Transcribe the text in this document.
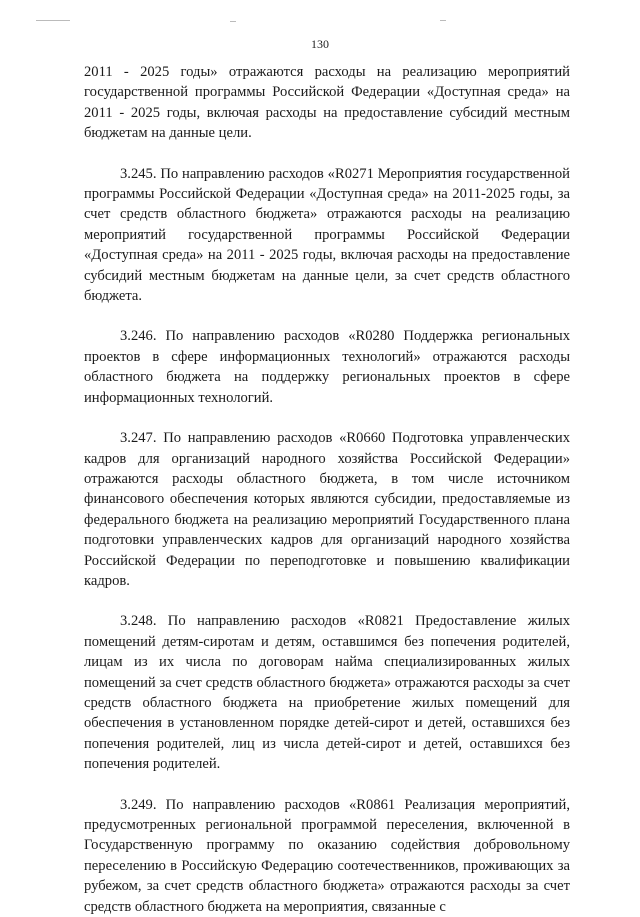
130

2011 - 2025 годы» отражаются расходы на реализацию мероприятий государственной программы Российской Федерации «Доступная среда» на 2011 - 2025 годы, включая расходы на предоставление субсидий местным бюджетам на данные цели.

3.245. По направлению расходов «R0271 Мероприятия государственной программы Российской Федерации «Доступная среда» на 2011-2025 годы, за счет средств областного бюджета» отражаются расходы на реализацию мероприятий государственной программы Российской Федерации «Доступная среда» на 2011 - 2025 годы, включая расходы на предоставление субсидий местным бюджетам на данные цели, за счет средств областного бюджета.

3.246. По направлению расходов «R0280 Поддержка региональных проектов в сфере информационных технологий» отражаются расходы областного бюджета на поддержку региональных проектов в сфере информационных технологий.

3.247. По направлению расходов «R0660 Подготовка управленческих кадров для организаций народного хозяйства Российской Федерации» отражаются расходы областного бюджета, в том числе источником финансового обеспечения которых являются субсидии, предоставляемые из федерального бюджета на реализацию мероприятий Государственного плана подготовки управленческих кадров для организаций народного хозяйства Российской Федерации по переподготовке и повышению квалификации кадров.

3.248. По направлению расходов «R0821 Предоставление жилых помещений детям-сиротам и детям, оставшимся без попечения родителей, лицам из их числа по договорам найма специализированных жилых помещений за счет средств областного бюджета» отражаются расходы за счет средств областного бюджета на приобретение жилых помещений для обеспечения в установленном порядке детей-сирот и детей, оставшихся без попечения родителей, лиц из числа детей-сирот и детей, оставшихся без попечения родителей.

3.249. По направлению расходов «R0861 Реализация мероприятий, предусмотренных региональной программой переселения, включенной в Государственную программу по оказанию содействия добровольному переселению в Российскую Федерацию соотечественников, проживающих за рубежом, за счет средств областного бюджета» отражаются расходы за счет средств областного бюджета на мероприятия, связанные с
